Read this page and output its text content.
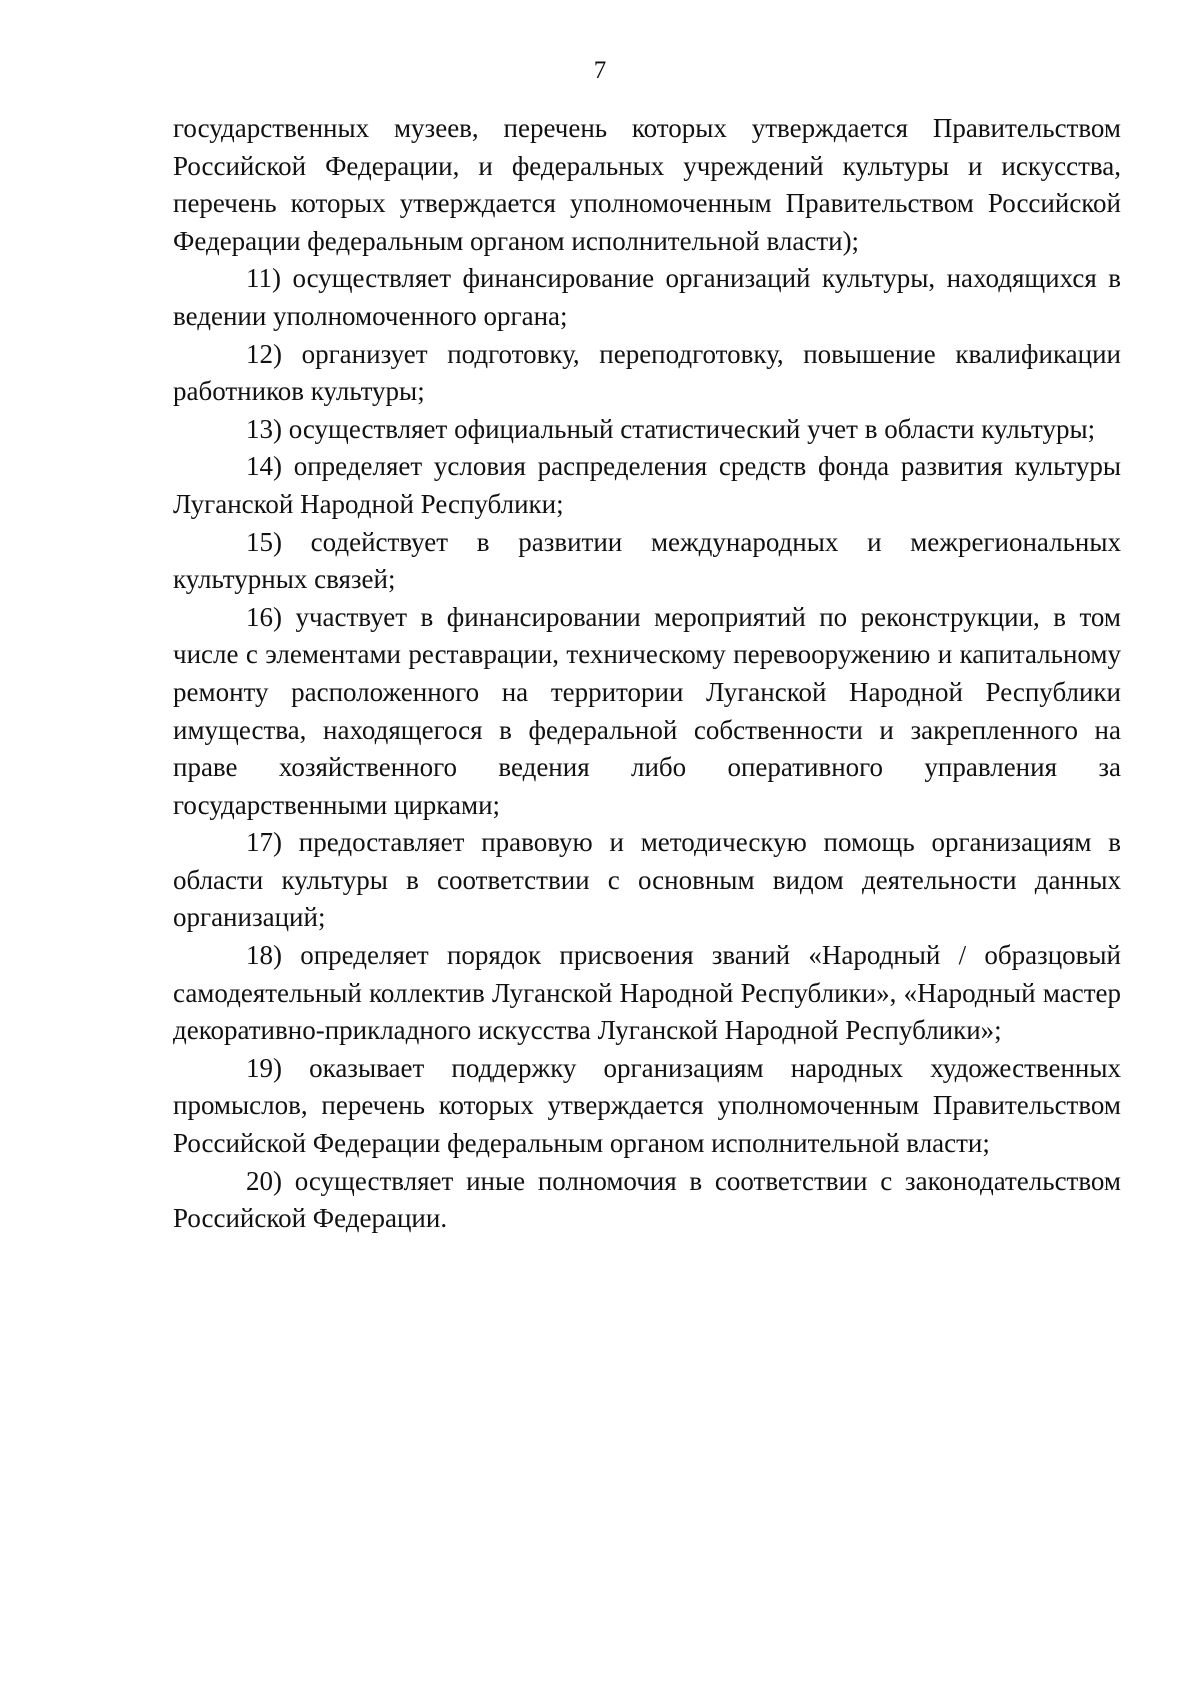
7

государственных музеев, перечень которых утверждается Правительством Российской Федерации, и федеральных учреждений культуры и искусства, перечень которых утверждается уполномоченным Правительством Российской Федерации федеральным органом исполнительной власти);

11) осуществляет финансирование организаций культуры, находящихся в ведении уполномоченного органа;

12) организует подготовку, переподготовку, повышение квалификации работников культуры;

13) осуществляет официальный статистический учет в области культуры;

14) определяет условия распределения средств фонда развития культуры Луганской Народной Республики;

15) содействует в развитии международных и межрегиональных культурных связей;

16) участвует в финансировании мероприятий по реконструкции, в том числе с элементами реставрации, техническому перевооружению и капитальному ремонту расположенного на территории Луганской Народной Республики имущества, находящегося в федеральной собственности и закрепленного на праве хозяйственного ведения либо оперативного управления за государственными цирками;

17) предоставляет правовую и методическую помощь организациям в области культуры в соответствии с основным видом деятельности данных организаций;

18) определяет порядок присвоения званий «Народный / образцовый самодеятельный коллектив Луганской Народной Республики», «Народный мастер декоративно-прикладного искусства Луганской Народной Республики»;

19) оказывает поддержку организациям народных художественных промыслов, перечень которых утверждается уполномоченным Правительством Российской Федерации федеральным органом исполнительной власти;

20) осуществляет иные полномочия в соответствии с законодательством Российской Федерации.
